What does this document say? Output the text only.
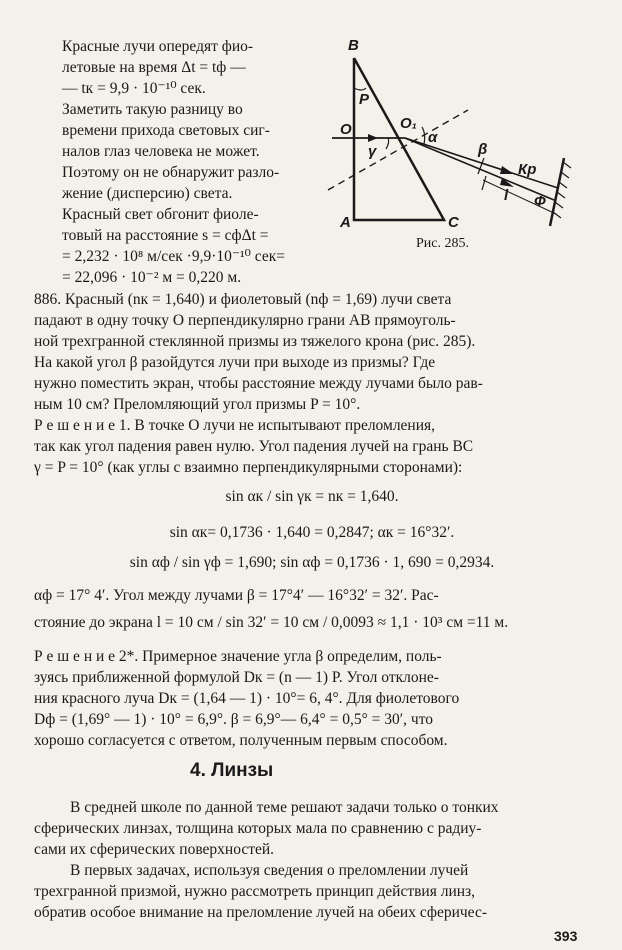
Красные лучи опередят фио-
летовые на время Δt = tф —
— tк = 9,9 · 10⁻¹⁰ сек.
Заметить такую разницу во
времени прихода световых сиг-
налов глаз человека не может.
Поэтому он не обнаружит разло-
жение (дисперсию) света.
Красный свет обгонит фиоле-
товый на расстояние s = cфΔt =
= 2,232 · 10⁸ м/сек ·9,9·10⁻¹⁰ сек=
= 22,096 · 10⁻² м = 0,220 м.
B
A	C
O	O₁
P
γ
α
β
Кр
l Ф
Рис. 285.
886. Красный (nк = 1,640) и фиолетовый (nф = 1,69) лучи света
падают в одну точку O перпендикулярно грани AB прямоуголь-
ной трехгранной стеклянной призмы из тяжелого крона (рис. 285).
На какой угол β разойдутся лучи при выходе из призмы? Где
нужно поместить экран, чтобы расстояние между лучами было рав-
ным 10 см? Преломляющий угол призмы P = 10°.
Р е ш е н и е 1. В точке O лучи не испытывают преломления,
так как угол падения равен нулю. Угол падения лучей на грань BC
γ = P = 10° (как углы с взаимно перпендикулярными сторонами):
sin αк / sin γк = nк = 1,640.
sin αк= 0,1736 · 1,640 = 0,2847; αк = 16°32′.
sin αф / sin γф = 1,690; sin αф = 0,1736 · 1, 690 = 0,2934.
αф = 17° 4′. Угол между лучами β = 17°4′ — 16°32′ = 32′. Рас-
стояние до экрана l = 10 см / sin 32′ = 10 см / 0,0093 ≈ 1,1 · 10³ см =11 м.
Р е ш е н и е 2*. Примерное значение угла β определим, поль-
зуясь приближенной формулой Dк = (n — 1) P. Угол отклоне-
ния красного луча Dк = (1,64 — 1) · 10°= 6, 4°. Для фиолетового
Dф = (1,69° — 1) · 10° = 6,9°. β = 6,9°— 6,4° = 0,5° = 30′, что
хорошо согласуется с ответом, полученным первым способом.
4. Линзы
В средней школе по данной теме решают задачи только о тонких
сферических линзах, толщина которых мала по сравнению с радиу-
сами их сферических поверхностей.
В первых задачах, используя сведения о преломлении лучей
трехгранной призмой, нужно рассмотреть принцип действия линз,
обратив особое внимание на преломление лучей на обеих сферичес-
393
